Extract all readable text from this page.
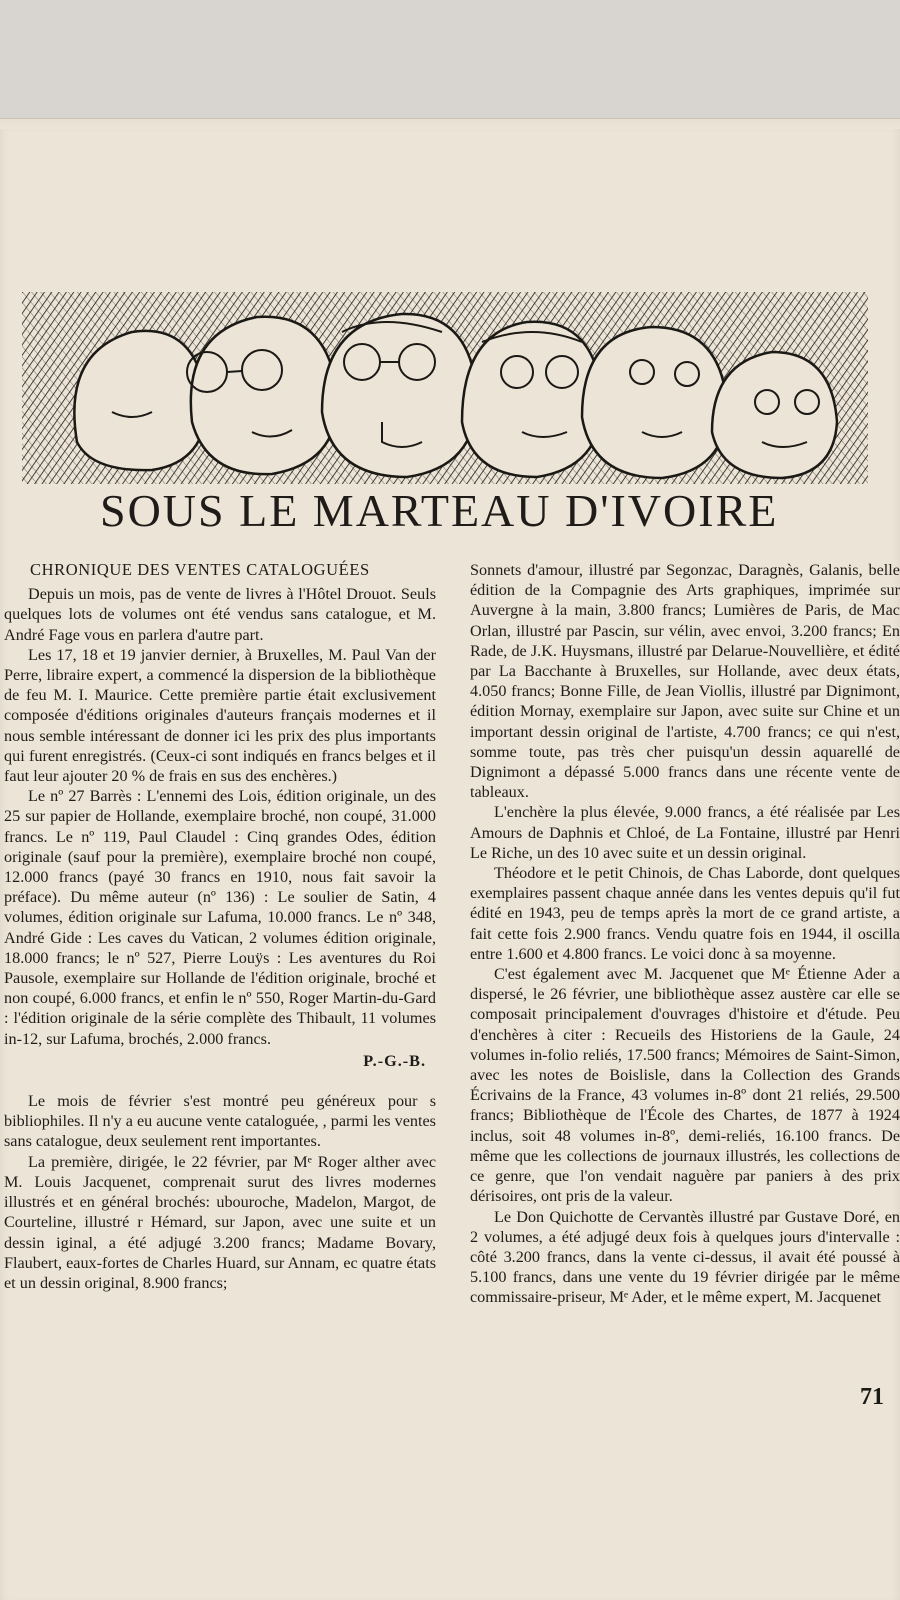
SOUS LE MARTEAU D'IVOIRE
CHRONIQUE DES VENTES CATALOGUÉES

Depuis un mois, pas de vente de livres à l'Hôtel Drouot. Seuls quelques lots de volumes ont été vendus sans catalogue, et M. André Fage vous en parlera d'autre part.

Les 17, 18 et 19 janvier dernier, à Bruxelles, M. Paul Van der Perre, libraire expert, a commencé la dispersion de la bibliothèque de feu M. I. Maurice. Cette première partie était exclusivement composée d'éditions originales d'auteurs français modernes et il nous semble intéressant de donner ici les prix des plus importants qui furent enregistrés. (Ceux-ci sont indiqués en francs belges et il faut leur ajouter 20 % de frais en sus des enchères.)

Le nº 27 Barrès : L'ennemi des Lois, édition originale, un des 25 sur papier de Hollande, exemplaire broché, non coupé, 31.000 francs. Le nº 119, Paul Claudel : Cinq grandes Odes, édition originale (sauf pour la première), exemplaire broché non coupé, 12.000 francs (payé 30 francs en 1910, nous fait savoir la préface). Du même auteur (nº 136) : Le soulier de Satin, 4 volumes, édition originale sur Lafuma, 10.000 francs. Le nº 348, André Gide : Les caves du Vatican, 2 volumes édition originale, 18.000 francs; le nº 527, Pierre Louÿs : Les aventures du Roi Pausole, exemplaire sur Hollande de l'édition originale, broché et non coupé, 6.000 francs, et enfin le nº 550, Roger Martin-du-Gard : l'édition originale de la série complète des Thibault, 11 volumes in-12, sur Lafuma, brochés, 2.000 francs.

P.-G.-B.

Le mois de février s'est montré peu généreux pour s bibliophiles. Il n'y a eu aucune vente cataloguée, , parmi les ventes sans catalogue, deux seulement rent importantes.

La première, dirigée, le 22 février, par Mᵉ Roger alther avec M. Louis Jacquenet, comprenait surut des livres modernes illustrés et en général brochés: ubouroche, Madelon, Margot, de Courteline, illustré r Hémard, sur Japon, avec une suite et un dessin iginal, a été adjugé 3.200 francs; Madame Bovary, Flaubert, eaux-fortes de Charles Huard, sur Annam, ec quatre états et un dessin original, 8.900 francs;

Sonnets d'amour, illustré par Segonzac, Daragnès, Galanis, belle édition de la Compagnie des Arts graphiques, imprimée sur Auvergne à la main, 3.800 francs; Lumières de Paris, de Mac Orlan, illustré par Pascin, sur vélin, avec envoi, 3.200 francs; En Rade, de J.K. Huysmans, illustré par Delarue-Nouvellière, et édité par La Bacchante à Bruxelles, sur Hollande, avec deux états, 4.050 francs; Bonne Fille, de Jean Viollis, illustré par Dignimont, édition Mornay, exemplaire sur Japon, avec suite sur Chine et un important dessin original de l'artiste, 4.700 francs; ce qui n'est, somme toute, pas très cher puisqu'un dessin aquarellé de Dignimont a dépassé 5.000 francs dans une récente vente de tableaux.

L'enchère la plus élevée, 9.000 francs, a été réalisée par Les Amours de Daphnis et Chloé, de La Fontaine, illustré par Henri Le Riche, un des 10 avec suite et un dessin original.

Théodore et le petit Chinois, de Chas Laborde, dont quelques exemplaires passent chaque année dans les ventes depuis qu'il fut édité en 1943, peu de temps après la mort de ce grand artiste, a fait cette fois 2.900 francs. Vendu quatre fois en 1944, il oscilla entre 1.600 et 4.800 francs. Le voici donc à sa moyenne.

C'est également avec M. Jacquenet que Mᵉ Étienne Ader a dispersé, le 26 février, une bibliothèque assez austère car elle se composait principalement d'ouvrages d'histoire et d'étude. Peu d'enchères à citer : Recueils des Historiens de la Gaule, 24 volumes in-folio reliés, 17.500 francs; Mémoires de Saint-Simon, avec les notes de Boislisle, dans la Collection des Grands Écrivains de la France, 43 volumes in-8º dont 21 reliés, 29.500 francs; Bibliothèque de l'École des Chartes, de 1877 à 1924 inclus, soit 48 volumes in-8º, demi-reliés, 16.100 francs. De même que les collections de journaux illustrés, les collections de ce genre, que l'on vendait naguère par paniers à des prix dérisoires, ont pris de la valeur.

Le Don Quichotte de Cervantès illustré par Gustave Doré, en 2 volumes, a été adjugé deux fois à quelques jours d'intervalle : côté 3.200 francs, dans la vente ci-dessus, il avait été poussé à 5.100 francs, dans une vente du 19 février dirigée par le même commissaire-priseur, Mᵉ Ader, et le même expert, M. Jacquenet

71
